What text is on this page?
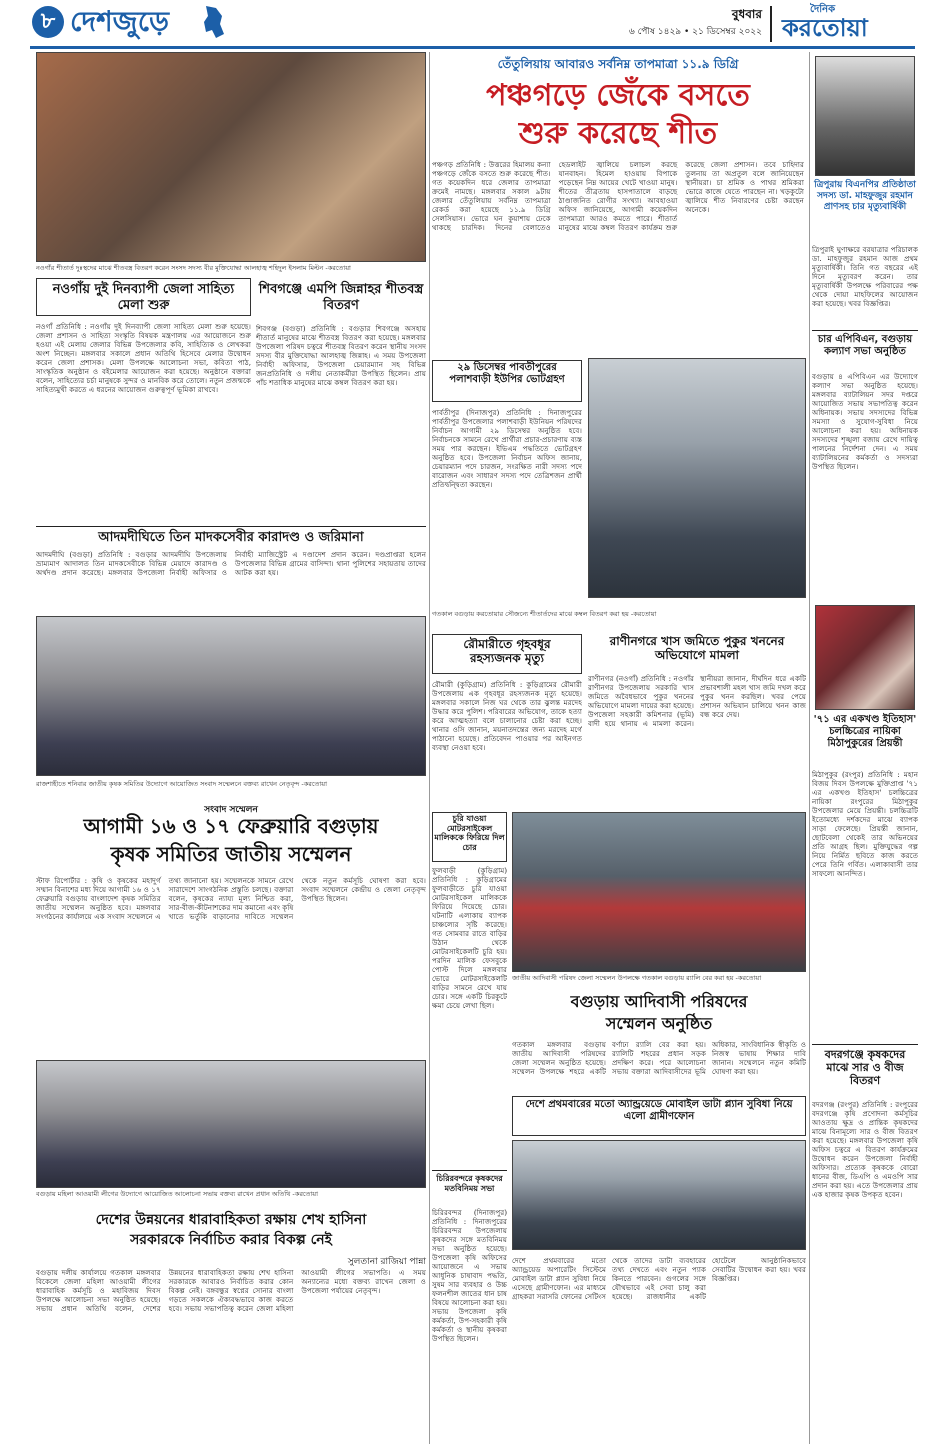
৮ দেশজুড়ে	বুধবার
৬ পৌষ ১৪২৯ • ২১ ডিসেম্বর ২০২২
দৈনিক
করতোয়া
নওগাঁর শীতার্ত দুঃস্থদের মাঝে শীতবস্ত্র বিতরণ করেন সংসদ সদস্য বীর মুক্তিযোদ্ধা আলহাজ্ব শহিদুল ইসলাম মিল্টন -করতোয়া
তেঁতুলিয়ায় আবারও সর্বনিম্ন তাপমাত্রা ১১.৯ ডিগ্রি
পঞ্চগড়ে জেঁকে বসতে
শুরু করেছে শীত
পঞ্চগড় প্রতিনিধি : উত্তরের হিমালয় কন্যা পঞ্চগড়ে জেঁকে বসতে শুরু করেছে শীত। গত কয়েকদিন ধরে জেলার তাপমাত্রা ক্রমেই নামছে। মঙ্গলবার সকাল ৯টায় জেলার তেঁতুলিয়ায় সর্বনিম্ন তাপমাত্রা রেকর্ড করা হয়েছে ১১.৯ ডিগ্রি সেলসিয়াস। ভোরে ঘন কুয়াশায় ঢেকে থাকছে চারদিক। দিনের বেলাতেও হেডলাইট জ্বালিয়ে চলাচল করছে যানবাহন। হিমেল হাওয়ায় বিপাকে পড়েছেন নিম্ন আয়ের খেটে খাওয়া মানুষ। শীতের তীব্রতায় হাসপাতালে বাড়ছে ঠাণ্ডাজনিত রোগীর সংখ্যা। আবহাওয়া অফিস জানিয়েছে, আগামী কয়েকদিন তাপমাত্রা আরও কমতে পারে। শীতার্ত মানুষের মাঝে কম্বল বিতরণ কার্যক্রম শুরু করেছে জেলা প্রশাসন। তবে চাহিদার তুলনায় তা অপ্রতুল বলে জানিয়েছেন স্থানীয়রা। চা শ্রমিক ও পাথর শ্রমিকরা ভোরে কাজে যেতে পারছেন না। খড়কুটো জ্বালিয়ে শীত নিবারণের চেষ্টা করছেন অনেকে।
ত্রিপুরায় বিএনপির প্রতিষ্ঠাতা সদস্য ডা. মাহফুজুর রহমান প্রাণসহ চার মৃত্যুবার্ষিকী
ত্রিপুরাই ঘুণাক্ষরে বরযাত্রার পরিচালক ডা. মাহফুজুর রহমান আজ প্রথম মৃত্যুবার্ষিকী। তিনি গত বছরের এই দিনে মৃত্যুবরণ করেন। তার মৃত্যুবার্ষিকী উপলক্ষে পরিবারের পক্ষ থেকে দোয়া মাহফিলের আয়োজন করা হয়েছে। খবর বিজ্ঞপ্তির।
চার এপিবিএন, বগুড়ায় কল্যাণ সভা অনুষ্ঠিত
বগুড়ায় ৪ এপিবিএন এর উদ্যোগে কল্যাণ সভা অনুষ্ঠিত হয়েছে। মঙ্গলবার ব্যাটালিয়ন সদর দপ্তরে আয়োজিত সভায় সভাপতিত্ব করেন অধিনায়ক। সভায় সদস্যদের বিভিন্ন সমস্যা ও সুযোগ-সুবিধা নিয়ে আলোচনা করা হয়। অধিনায়ক সদস্যদের শৃঙ্খলা বজায় রেখে দায়িত্ব পালনের নির্দেশনা দেন। এ সময় ব্যাটালিয়নের কর্মকর্তা ও সদস্যরা উপস্থিত ছিলেন।
'৭১ এর একখণ্ড ইতিহাস' চলচ্চিত্রের নায়িকা মিঠাপুকুরের প্রিয়ন্তী
মিঠাপুকুর (রংপুর) প্রতিনিধি : মহান বিজয় দিবস উপলক্ষে মুক্তিপ্রাপ্ত '৭১ এর একখণ্ড ইতিহাস' চলচ্চিত্রের নায়িকা রংপুরের মিঠাপুকুর উপজেলার মেয়ে প্রিয়ন্তী। চলচ্চিত্রটি ইতোমধ্যে দর্শকদের মাঝে ব্যাপক সাড়া ফেলেছে। প্রিয়ন্তী জানান, ছোটবেলা থেকেই তার অভিনয়ের প্রতি আগ্রহ ছিল। মুক্তিযুদ্ধের গল্প নিয়ে নির্মিত ছবিতে কাজ করতে পেরে তিনি গর্বিত। এলাকাবাসী তার সাফল্যে আনন্দিত।
বদরগঞ্জে কৃষকদের মাঝে সার ও বীজ বিতরণ
বদরগঞ্জ (রংপুর) প্রতিনিধি : রংপুরের বদরগঞ্জে কৃষি প্রণোদনা কর্মসূচির আওতায় ক্ষুদ্র ও প্রান্তিক কৃষকদের মাঝে বিনামূল্যে সার ও বীজ বিতরণ করা হয়েছে। মঙ্গলবার উপজেলা কৃষি অফিস চত্বরে এ বিতরণ কার্যক্রমের উদ্বোধন করেন উপজেলা নির্বাহী অফিসার। প্রত্যেক কৃষককে বোরো ধানের বীজ, ডিএপি ও এমওপি সার প্রদান করা হয়। এতে উপজেলার প্রায় এক হাজার কৃষক উপকৃত হবেন।
নওগাঁয় দুই দিনব্যাপী জেলা সাহিত্য মেলা শুরু
নওগাঁ প্রতিনিধি : নওগাঁয় দুই দিনব্যাপী জেলা সাহিত্য মেলা শুরু হয়েছে। জেলা প্রশাসন ও সাহিত্য সংস্কৃতি বিষয়ক মন্ত্রণালয় এর আয়োজনে শুরু হওয়া এই মেলায় জেলার বিভিন্ন উপজেলার কবি, সাহিত্যিক ও লেখকরা অংশ নিচ্ছেন। মঙ্গলবার সকালে প্রধান অতিথি হিসেবে মেলার উদ্বোধন করেন জেলা প্রশাসক। মেলা উপলক্ষে আলোচনা সভা, কবিতা পাঠ, সাংস্কৃতিক অনুষ্ঠান ও বইমেলার আয়োজন করা হয়েছে। অনুষ্ঠানে বক্তারা বলেন, সাহিত্যের চর্চা মানুষকে সুন্দর ও মানবিক করে তোলে। নতুন প্রজন্মকে সাহিত্যমুখী করতে এ ধরনের আয়োজন গুরুত্বপূর্ণ ভূমিকা রাখবে।
শিবগঞ্জে এমপি জিন্নাহর শীতবস্ত্র বিতরণ
শিবগঞ্জ (বগুড়া) প্রতিনিধি : বগুড়ার শিবগঞ্জে অসহায় শীতার্ত মানুষের মাঝে শীতবস্ত্র বিতরণ করা হয়েছে। মঙ্গলবার উপজেলা পরিষদ চত্বরে শীতবস্ত্র বিতরণ করেন স্থানীয় সংসদ সদস্য বীর মুক্তিযোদ্ধা আলহাজ্ব জিন্নাহ। এ সময় উপজেলা নির্বাহী অফিসার, উপজেলা চেয়ারম্যান সহ বিভিন্ন জনপ্রতিনিধি ও দলীয় নেতাকর্মীরা উপস্থিত ছিলেন। প্রায় পাঁচ শতাধিক মানুষের মাঝে কম্বল বিতরণ করা হয়।
২৯ ডিসেম্বর পাবতীপুরের পলাশবাড়ী ইউপির ভোটগ্রহণ
পার্বতীপুর (দিনাজপুর) প্রতিনিধি : দিনাজপুরের পার্বতীপুর উপজেলার পলাশবাড়ী ইউনিয়ন পরিষদের নির্বাচন আগামী ২৯ ডিসেম্বর অনুষ্ঠিত হবে। নির্বাচনকে সামনে রেখে প্রার্থীরা প্রচার-প্রচারণায় ব্যস্ত সময় পার করছেন। ইভিএম পদ্ধতিতে ভোটগ্রহণ অনুষ্ঠিত হবে। উপজেলা নির্বাচন অফিস জানায়, চেয়ারম্যান পদে চারজন, সংরক্ষিত নারী সদস্য পদে বারোজন এবং সাধারণ সদস্য পদে তেত্রিশজন প্রার্থী প্রতিদ্বন্দ্বিতা করছেন।
গতকাল বগুড়ায় করতোয়ার সৌজন্যে শীতার্তদের মাঝে কম্বল বিতরণ করা হয় -করতোয়া
আদমদীঘিতে তিন মাদকসেবীর কারাদণ্ড ও জরিমানা
আদমদীঘি (বগুড়া) প্রতিনিধি : বগুড়ার আদমদীঘি উপজেলায় ভ্রাম্যমাণ আদালত তিন মাদকসেবীকে বিভিন্ন মেয়াদে কারাদণ্ড ও অর্থদণ্ড প্রদান করেছে। মঙ্গলবার উপজেলা নির্বাহী অফিসার ও নির্বাহী ম্যাজিস্ট্রেট এ দণ্ডাদেশ প্রদান করেন। দণ্ডপ্রাপ্তরা হলেন উপজেলার বিভিন্ন গ্রামের বাসিন্দা। থানা পুলিশের সহায়তায় তাদের আটক করা হয়।
রাজশাহীতে শনিবার জাতীয় কৃষক সমিতির উদ্যোগে আয়োজিত সংবাদ সম্মেলনে বক্তব্য রাখেন নেতৃবৃন্দ -করতোয়া
সংবাদ সম্মেলন
আগামী ১৬ ও ১৭ ফেব্রুয়ারি বগুড়ায়
কৃষক সমিতির জাতীয় সম্মেলন
স্টাফ রিপোর্টার : কৃষি ও কৃষকের মহাদুর্গ সম্মান বিনাশের মধ্য দিয়ে আগামী ১৬ ও ১৭ ফেব্রুয়ারি বগুড়ায় বাংলাদেশ কৃষক সমিতির জাতীয় সম্মেলন অনুষ্ঠিত হবে। মঙ্গলবার সংগঠনের কার্যালয়ে এক সংবাদ সম্মেলনে এ তথ্য জানানো হয়। সম্মেলনকে সামনে রেখে সারাদেশে সাংগঠনিক প্রস্তুতি চলছে। বক্তারা বলেন, কৃষকের ন্যায্য মূল্য নিশ্চিত করা, সার-বীজ-কীটনাশকের দাম কমানো এবং কৃষি খাতে ভর্তুকি বাড়ানোর দাবিতে সম্মেলন থেকে নতুন কর্মসূচি ঘোষণা করা হবে। সংবাদ সম্মেলনে কেন্দ্রীয় ও জেলা নেতৃবৃন্দ উপস্থিত ছিলেন।
বগুড়ায় মহিলা আওয়ামী লীগের উদ্যোগে আয়োজিত আলোচনা সভায় বক্তব্য রাখেন প্রধান অতিথি -করতোয়া
দেশের উন্নয়নের ধারাবাহিকতা রক্ষায় শেখ হাসিনা
সরকারকে নির্বাচিত করার বিকল্প নেই
সুলতানা রাজিয়া পান্না
বগুড়ায় দলীয় কার্যালয়ে গতকাল মঙ্গলবার বিকেলে জেলা মহিলা আওয়ামী লীগের ধারাবাহিক কর্মসূচি ও মহাবিজয় দিবস উপলক্ষে আলোচনা সভা অনুষ্ঠিত হয়েছে। সভায় প্রধান অতিথি বলেন, দেশের উন্নয়নের ধারাবাহিকতা রক্ষায় শেখ হাসিনা সরকারকে আবারও নির্বাচিত করার কোন বিকল্প নেই। বঙ্গবন্ধুর স্বপ্নের সোনার বাংলা গড়তে সকলকে ঐক্যবদ্ধভাবে কাজ করতে হবে। সভায় সভাপতিত্ব করেন জেলা মহিলা আওয়ামী লীগের সভাপতি। এ সময় অন্যান্যের মধ্যে বক্তব্য রাখেন জেলা ও উপজেলা পর্যায়ের নেতৃবৃন্দ।
রৌমারীতে গৃহবধূর রহস্যজনক মৃত্যু
রৌমারী (কুড়িগ্রাম) প্রতিনিধি : কুড়িগ্রামের রৌমারী উপজেলায় এক গৃহবধূর রহস্যজনক মৃত্যু হয়েছে। মঙ্গলবার সকালে নিজ ঘর থেকে তার ঝুলন্ত মরদেহ উদ্ধার করে পুলিশ। পরিবারের অভিযোগ, তাকে হত্যা করে আত্মহত্যা বলে চালানোর চেষ্টা করা হচ্ছে। থানার ওসি জানান, ময়নাতদন্তের জন্য মরদেহ মর্গে পাঠানো হয়েছে। প্রতিবেদন পাওয়ার পর আইনগত ব্যবস্থা নেওয়া হবে।
রাণীনগরে খাস জমিতে পুকুর খননের অভিযোগে মামলা
রাণীনগর (নওগাঁ) প্রতিনিধি : নওগাঁর রাণীনগর উপজেলায় সরকারি খাস জমিতে অবৈধভাবে পুকুর খননের অভিযোগে মামলা দায়ের করা হয়েছে। উপজেলা সহকারী কমিশনার (ভূমি) বাদী হয়ে থানায় এ মামলা করেন। স্থানীয়রা জানান, দীর্ঘদিন ধরে একটি প্রভাবশালী মহল খাস জমি দখল করে পুকুর খনন করছিল। খবর পেয়ে প্রশাসন অভিযান চালিয়ে খনন কাজ বন্ধ করে দেয়।
চুরি যাওয়া মোটরসাইকেল মালিককে ফিরিয়ে দিল চোর
ফুলবাড়ী (কুড়িগ্রাম) প্রতিনিধি : কুড়িগ্রামের ফুলবাড়ীতে চুরি যাওয়া মোটরসাইকেল মালিককে ফিরিয়ে দিয়েছে চোর। ঘটনাটি এলাকায় ব্যাপক চাঞ্চল্যের সৃষ্টি করেছে। গত সোমবার রাতে বাড়ির উঠান থেকে মোটরসাইকেলটি চুরি হয়। পরদিন মালিক ফেসবুকে পোস্ট দিলে মঙ্গলবার ভোরে মোটরসাইকেলটি বাড়ির সামনে রেখে যায় চোর। সঙ্গে একটি চিরকুটে ক্ষমা চেয়ে লেখা ছিল।
জাতীয় আদিবাসী পরিষদ জেলা সম্মেলন উপলক্ষে গতকাল বগুড়ায় র‍্যালি বের করা হয় -করতোয়া
বগুড়ায় আদিবাসী পরিষদের
সম্মেলন অনুষ্ঠিত
গতকাল মঙ্গলবার বগুড়ায় জাতীয় আদিবাসী পরিষদের জেলা সম্মেলন অনুষ্ঠিত হয়েছে। সম্মেলন উপলক্ষে শহরে একটি বর্ণাঢ্য র‍্যালি বের করা হয়। র‍্যালিটি শহরের প্রধান সড়ক প্রদক্ষিণ করে। পরে আলোচনা সভায় বক্তারা আদিবাসীদের ভূমি অধিকার, সাংবিধানিক স্বীকৃতি ও নিজস্ব ভাষায় শিক্ষার দাবি জানান। সম্মেলনে নতুন কমিটি ঘোষণা করা হয়।
দেশে প্রথমবারের মতো অ্যান্ড্রয়েডে মোবাইল ডাটা প্ল্যান সুবিধা নিয়ে এলো গ্রামীণফোন
দেশে প্রথমবারের মতো অ্যান্ড্রয়েড অপারেটিং সিস্টেমে মোবাইল ডাটা প্ল্যান সুবিধা নিয়ে এসেছে গ্রামীণফোন। এর মাধ্যমে গ্রাহকরা সরাসরি ফোনের সেটিংস থেকে তাদের ডাটা ব্যবহারের তথ্য দেখতে এবং নতুন প্যাক কিনতে পারবেন। গুগলের সঙ্গে যৌথভাবে এই সেবা চালু করা হয়েছে। রাজধানীর একটি হোটেলে আনুষ্ঠানিকভাবে সেবাটির উদ্বোধন করা হয়। খবর বিজ্ঞপ্তির।
চিরিরবন্দরে কৃষকদের মতবিনিময় সভা
চিরিরবন্দর (দিনাজপুর) প্রতিনিধি : দিনাজপুরের চিরিরবন্দর উপজেলায় কৃষকদের সঙ্গে মতবিনিময় সভা অনুষ্ঠিত হয়েছে। উপজেলা কৃষি অফিসের আয়োজনে এ সভায় আধুনিক চাষাবাদ পদ্ধতি, সুষম সার ব্যবহার ও উচ্চ ফলনশীল জাতের ধান চাষ বিষয়ে আলোচনা করা হয়। সভায় উপজেলা কৃষি কর্মকর্তা, উপ-সহকারী কৃষি কর্মকর্তা ও স্থানীয় কৃষকরা উপস্থিত ছিলেন।
